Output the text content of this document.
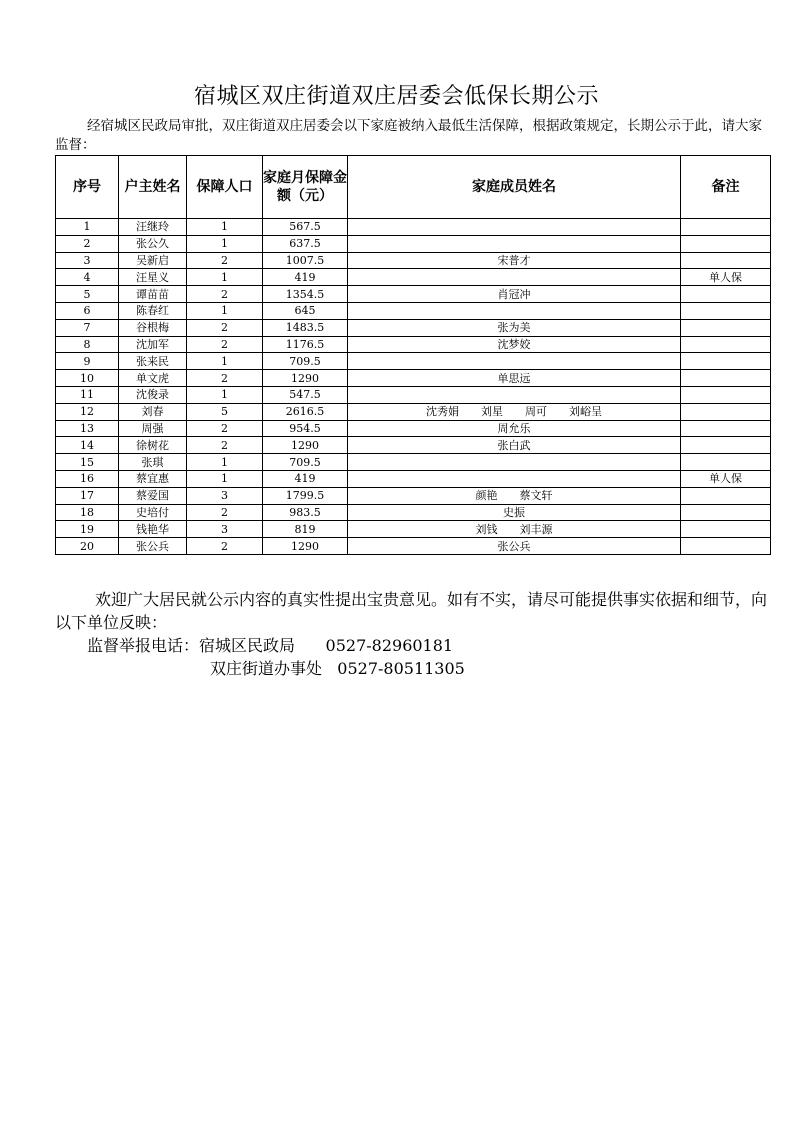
宿城区双庄街道双庄居委会低保长期公示
经宿城区民政局审批，双庄街道双庄居委会以下家庭被纳入最低生活保障，根据政策规定，长期公示于此，请大家监督：
序号	户主姓名	保障人口	家庭月保障金额（元）	家庭成员姓名	备注
1	汪继玲	1	567.5		
2	张公久	1	637.5		
3	吴新启	2	1007.5	宋普才	
4	汪星义	1	419		单人保
5	谭苗苗	2	1354.5	肖冠冲	
6	陈春红	1	645		
7	谷根梅	2	1483.5	张为美	
8	沈加军	2	1176.5	沈梦姣	
9	张来民	1	709.5		
10	单文虎	2	1290	单思远	
11	沈俊录	1	547.5		
12	刘春	5	2616.5	沈秀娟　　刘星　　周可　　刘峪呈	
13	周强	2	954.5	周允乐	
14	徐树花	2	1290	张白武	
15	张琪	1	709.5		
16	蔡宜惠	1	419		单人保
17	蔡爱国	3	1799.5	颜艳　　蔡文轩	
18	史培付	2	983.5	史振	
19	钱艳华	3	819	刘钱　　刘丰源	
20	张公兵	2	1290	张公兵	
欢迎广大居民就公示内容的真实性提出宝贵意见。如有不实，请尽可能提供事实依据和细节，向以下单位反映：
监督举报电话：宿城区民政局 0527-82960181
双庄街道办事处 0527-80511305
